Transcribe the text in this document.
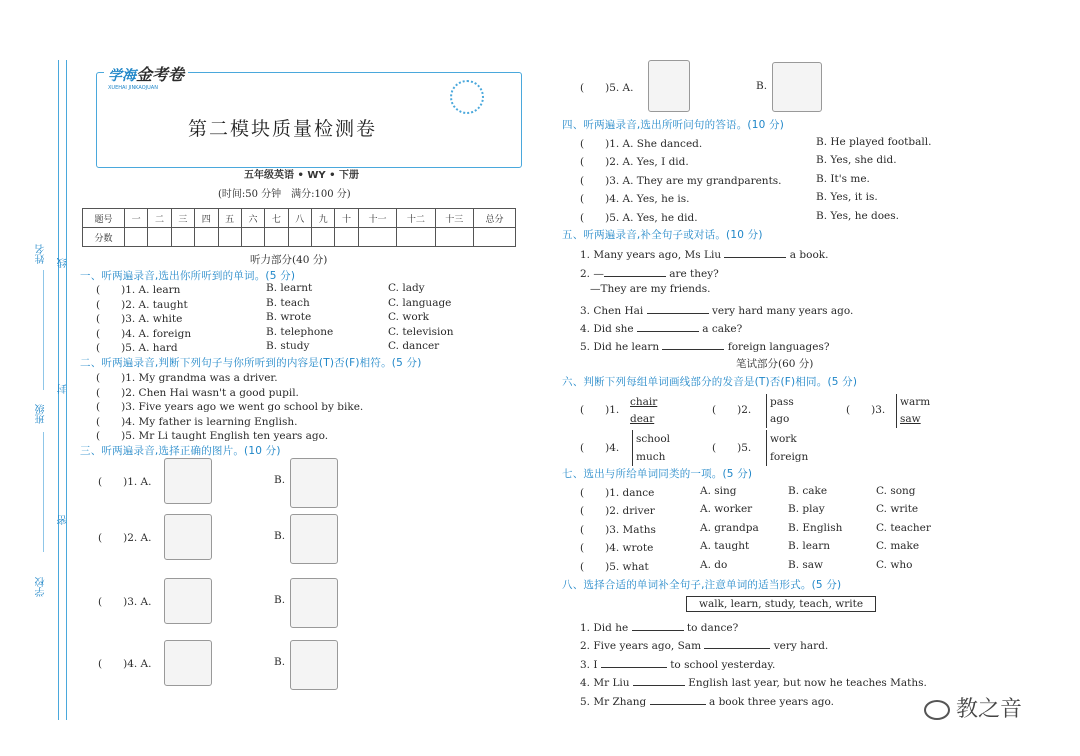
姓名 线
班级
封
学校
密
学海金考卷
XUEHAI JINKAOJUAN
第二模块质量检测卷
五年级英语 • WY • 下册
(时间:50 分钟　满分:100 分)
题号	一	二	三	四	五	六	七	八	九	十	十一	十二	十三	总分
分数														
听力部分(40 分)
一、听两遍录音,选出你所听到的单词。(5 分)
(　　)1. A. learn	B. learnt	C. lady
(　　)2. A. taught	B. teach	C. language
(　　)3. A. white	B. wrote	C. work
(　　)4. A. foreign	B. telephone	C. television
(　　)5. A. hard	B. study	C. dancer
二、听两遍录音,判断下列句子与你所听到的内容是(T)否(F)相符。(5 分)
(　　)1. My grandma was a driver.
(　　)2. Chen Hai wasn't a good pupil.
(　　)3. Five years ago we went go school by bike.
(　　)4. My father is learning English.
(　　)5. Mr Li taught English ten years ago.
三、听两遍录音,选择正确的图片。(10 分)
(　　)1. A.	B.
(　　)2. A.	B.
(　　)3. A.	B.
(　　)4. A.	B.
(　　)5. A.	B.
四、听两遍录音,选出所听问句的答语。(10 分)
(　　)1. A. She danced.	B. He played football.
(　　)2. A. Yes, I did.	B. Yes, she did.
(　　)3. A. They are my grandparents.	B. It's me.
(　　)4. A. Yes, he is.	B. Yes, it is.
(　　)5. A. Yes, he did.	B. Yes, he does.
五、听两遍录音,补全句子或对话。(10 分)
1. Many years ago, Ms Liu	a book.
2. —	are they?
—They are my friends.
3. Chen Hai	very hard many years ago.
4. Did she	a cake?
5. Did he learn	foreign languages?
笔试部分(60 分)
六、判断下列每组单词画线部分的发音是(T)否(F)相同。(5 分)
(　　)1.
chair
dear
(　　)2.
pass
ago
(　　)3.
warm
saw
(　　)4.
school
much
(　　)5.
work
foreign
七、选出与所给单词同类的一项。(5 分)
(　　)1. dance	A. sing	B. cake	C. song
(　　)2. driver	A. worker	B. play	C. write
(　　)3. Maths	A. grandpa	B. English	C. teacher
(　　)4. wrote	A. taught	B. learn	C. make
(　　)5. what	A. do	B. saw	C. who
八、选择合适的单词补全句子,注意单词的适当形式。(5 分)
walk, learn, study, teach, write
1. Did he	to dance?
2. Five years ago, Sam	very hard.
3. I	to school yesterday.
4. Mr Liu	English last year, but now he teaches Maths.
5. Mr Zhang	a book three years ago.	教之音
